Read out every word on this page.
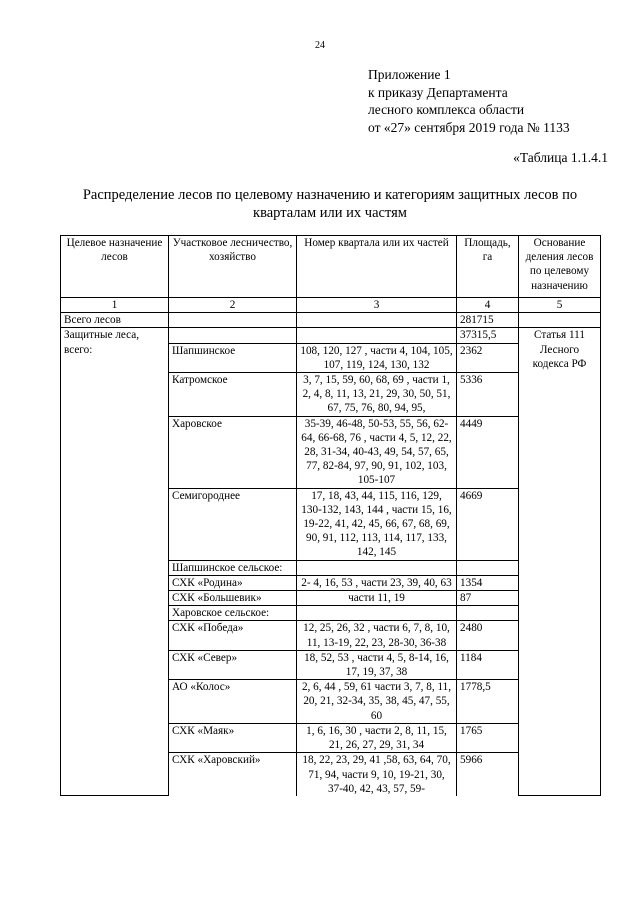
24
Приложение 1
к приказу Департамента
лесного комплекса области
от «27» сентября 2019 года № 1133
«Таблица 1.1.4.1
Распределение лесов по целевому назначению и категориям защитных лесов по
кварталам или их частям
Целевое назначение лесов	Участковое лесничество, хозяйство	Номер квартала или их частей	Площадь, га	Основание деления лесов по целевому назначению
1	2	3	4	5
Всего лесов			281715	
Защитные леса, всего:			37315,5	Статья 111 Лесного кодекса РФ
	Шапшинское	108, 120, 127 , части 4, 104, 105, 107, 119, 124, 130, 132	2362	
	Катромское	3, 7, 15, 59, 60, 68, 69 , части 1, 2, 4, 8, 11, 13, 21, 29, 30, 50, 51, 67, 75, 76, 80, 94, 95,	5336	
	Харовское	35-39, 46-48, 50-53, 55, 56, 62-64, 66-68, 76 , части 4, 5, 12, 22, 28, 31-34, 40-43, 49, 54, 57, 65, 77, 82-84, 97, 90, 91, 102, 103, 105-107	4449	
	Семигороднее	17, 18, 43, 44, 115, 116, 129, 130-132, 143, 144 , части 15, 16, 19-22, 41, 42, 45, 66, 67, 68, 69, 90, 91, 112, 113, 114, 117, 133, 142, 145	4669	
	Шапшинское сельское:			
	СХК «Родина»	2- 4, 16, 53 , части 23, 39, 40, 63	1354	
	СХК «Большевик»	части 11, 19	87	
	Харовское сельское:			
	СХК «Победа»	12, 25, 26, 32 , части 6, 7, 8, 10, 11, 13-19, 22, 23, 28-30, 36-38	2480	
	СХК «Север»	18, 52, 53 , части 4, 5, 8-14, 16, 17, 19, 37, 38	1184	
	АО «Колос»	2, 6, 44 , 59, 61 части 3, 7, 8, 11, 20, 21, 32-34, 35, 38, 45, 47, 55, 60	1778,5	
	СХК «Маяк»	1, 6, 16, 30 , части 2, 8, 11, 15, 21, 26, 27, 29, 31, 34	1765	
	СХК «Харовский»	18, 22, 23, 29, 41 ,58, 63, 64, 70, 71, 94, части 9, 10, 19-21, 30, 37-40, 42, 43, 57, 59-	5966	
